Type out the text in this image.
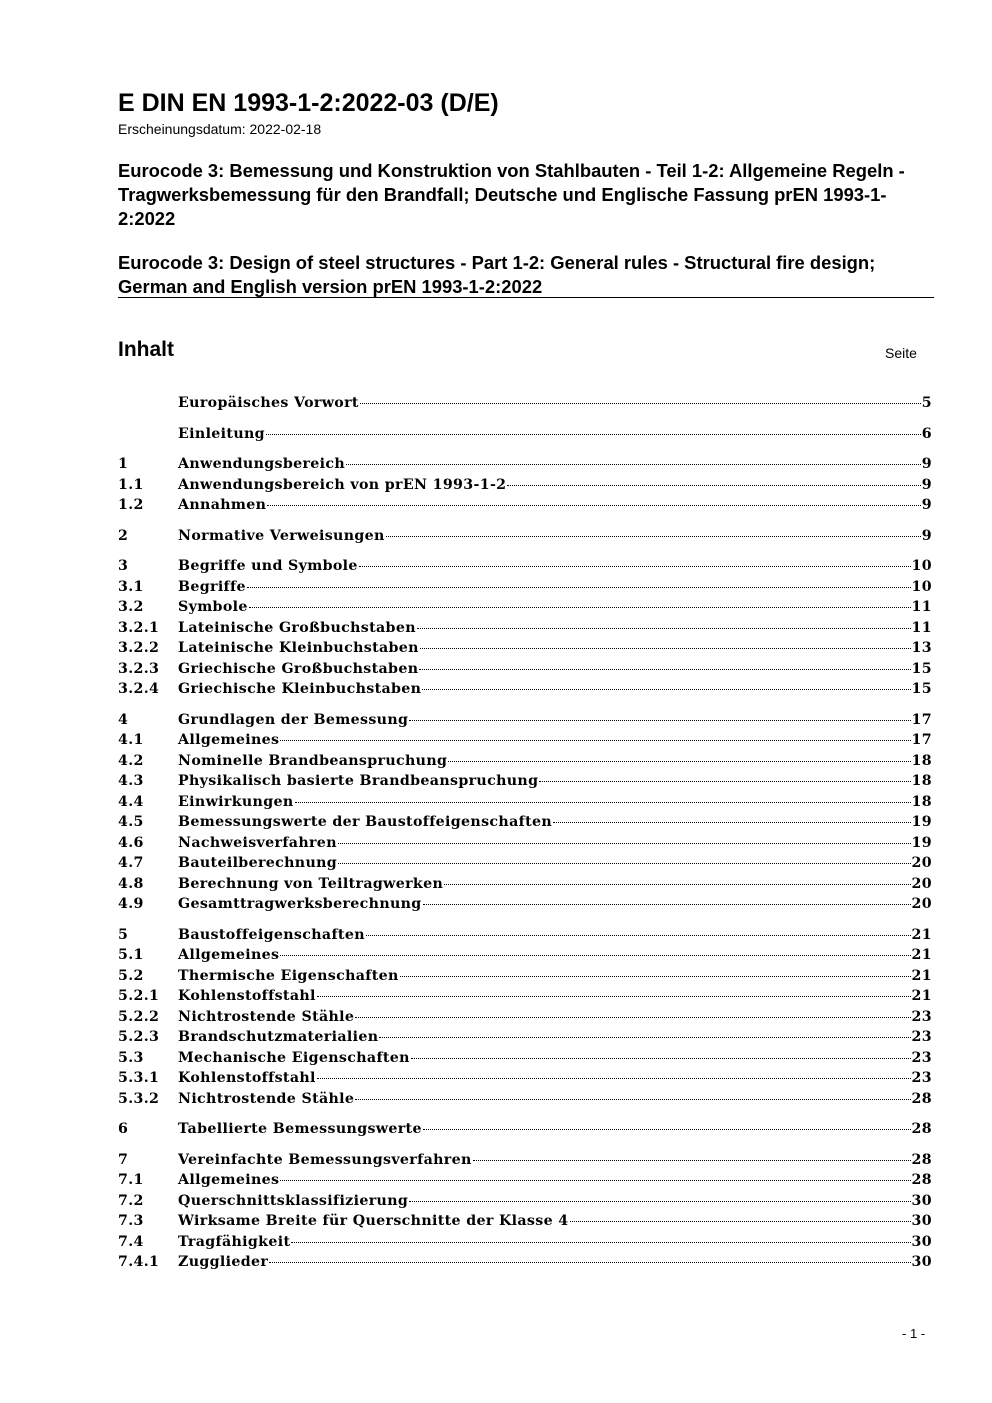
E DIN EN 1993-1-2:2022-03 (D/E)
Erscheinungsdatum: 2022-02-18
Eurocode 3: Bemessung und Konstruktion von Stahlbauten - Teil 1-2: Allgemeine Regeln - Tragwerksbemessung für den Brandfall; Deutsche und Englische Fassung prEN 1993-1-2:2022
Eurocode 3: Design of steel structures - Part 1-2: General rules - Structural fire design; German and English version prEN 1993-1-2:2022
Inhalt	Seite
Europäisches Vorwort	5
Einleitung	6
1	Anwendungsbereich	9
1.1	Anwendungsbereich von prEN 1993-1-2	9
1.2	Annahmen	9
2	Normative Verweisungen	9
3	Begriffe und Symbole	10
3.1	Begriffe	10
3.2	Symbole	11
3.2.1	Lateinische Großbuchstaben	11
3.2.2	Lateinische Kleinbuchstaben	13
3.2.3	Griechische Großbuchstaben	15
3.2.4	Griechische Kleinbuchstaben	15
4	Grundlagen der Bemessung	17
4.1	Allgemeines	17
4.2	Nominelle Brandbeanspruchung	18
4.3	Physikalisch basierte Brandbeanspruchung	18
4.4	Einwirkungen	18
4.5	Bemessungswerte der Baustoffeigenschaften	19
4.6	Nachweisverfahren	19
4.7	Bauteilberechnung	20
4.8	Berechnung von Teiltragwerken	20
4.9	Gesamttragwerksberechnung	20
5	Baustoffeigenschaften	21
5.1	Allgemeines	21
5.2	Thermische Eigenschaften	21
5.2.1	Kohlenstoffstahl	21
5.2.2	Nichtrostende Stähle	23
5.2.3	Brandschutzmaterialien	23
5.3	Mechanische Eigenschaften	23
5.3.1	Kohlenstoffstahl	23
5.3.2	Nichtrostende Stähle	28
6	Tabellierte Bemessungswerte	28
7	Vereinfachte Bemessungsverfahren	28
7.1	Allgemeines	28
7.2	Querschnittsklassifizierung	30
7.3	Wirksame Breite für Querschnitte der Klasse 4	30
7.4	Tragfähigkeit	30
7.4.1	Zugglieder	30
- 1 -
